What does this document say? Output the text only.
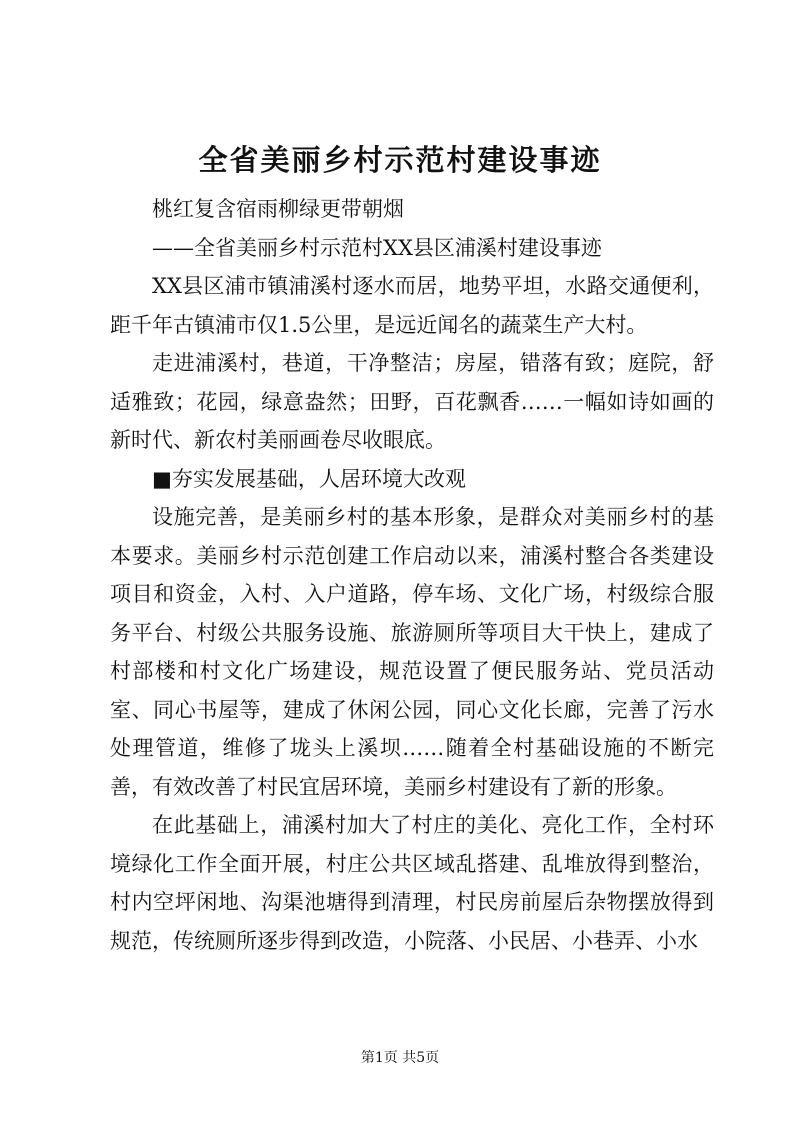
全省美丽乡村示范村建设事迹

桃红复含宿雨柳绿更带朝烟

——全省美丽乡村示范村XX县区浦溪村建设事迹

XX县区浦市镇浦溪村逐水而居，地势平坦，水路交通便利，距千年古镇浦市仅1.5公里，是远近闻名的蔬菜生产大村。

走进浦溪村，巷道，干净整洁；房屋，错落有致；庭院，舒适雅致；花园，绿意盎然；田野，百花飘香……一幅如诗如画的新时代、新农村美丽画卷尽收眼底。

■夯实发展基础，人居环境大改观

设施完善，是美丽乡村的基本形象，是群众对美丽乡村的基本要求。美丽乡村示范创建工作启动以来，浦溪村整合各类建设项目和资金，入村、入户道路，停车场、文化广场，村级综合服务平台、村级公共服务设施、旅游厕所等项目大干快上，建成了村部楼和村文化广场建设，规范设置了便民服务站、党员活动室、同心书屋等，建成了休闲公园，同心文化长廊，完善了污水处理管道，维修了垅头上溪坝……随着全村基础设施的不断完善，有效改善了村民宜居环境，美丽乡村建设有了新的形象。

在此基础上，浦溪村加大了村庄的美化、亮化工作，全村环境绿化工作全面开展，村庄公共区域乱搭建、乱堆放得到整治，村内空坪闲地、沟渠池塘得到清理，村民房前屋后杂物摆放得到规范，传统厕所逐步得到改造，小院落、小民居、小巷弄、小水

第1页 共5页
